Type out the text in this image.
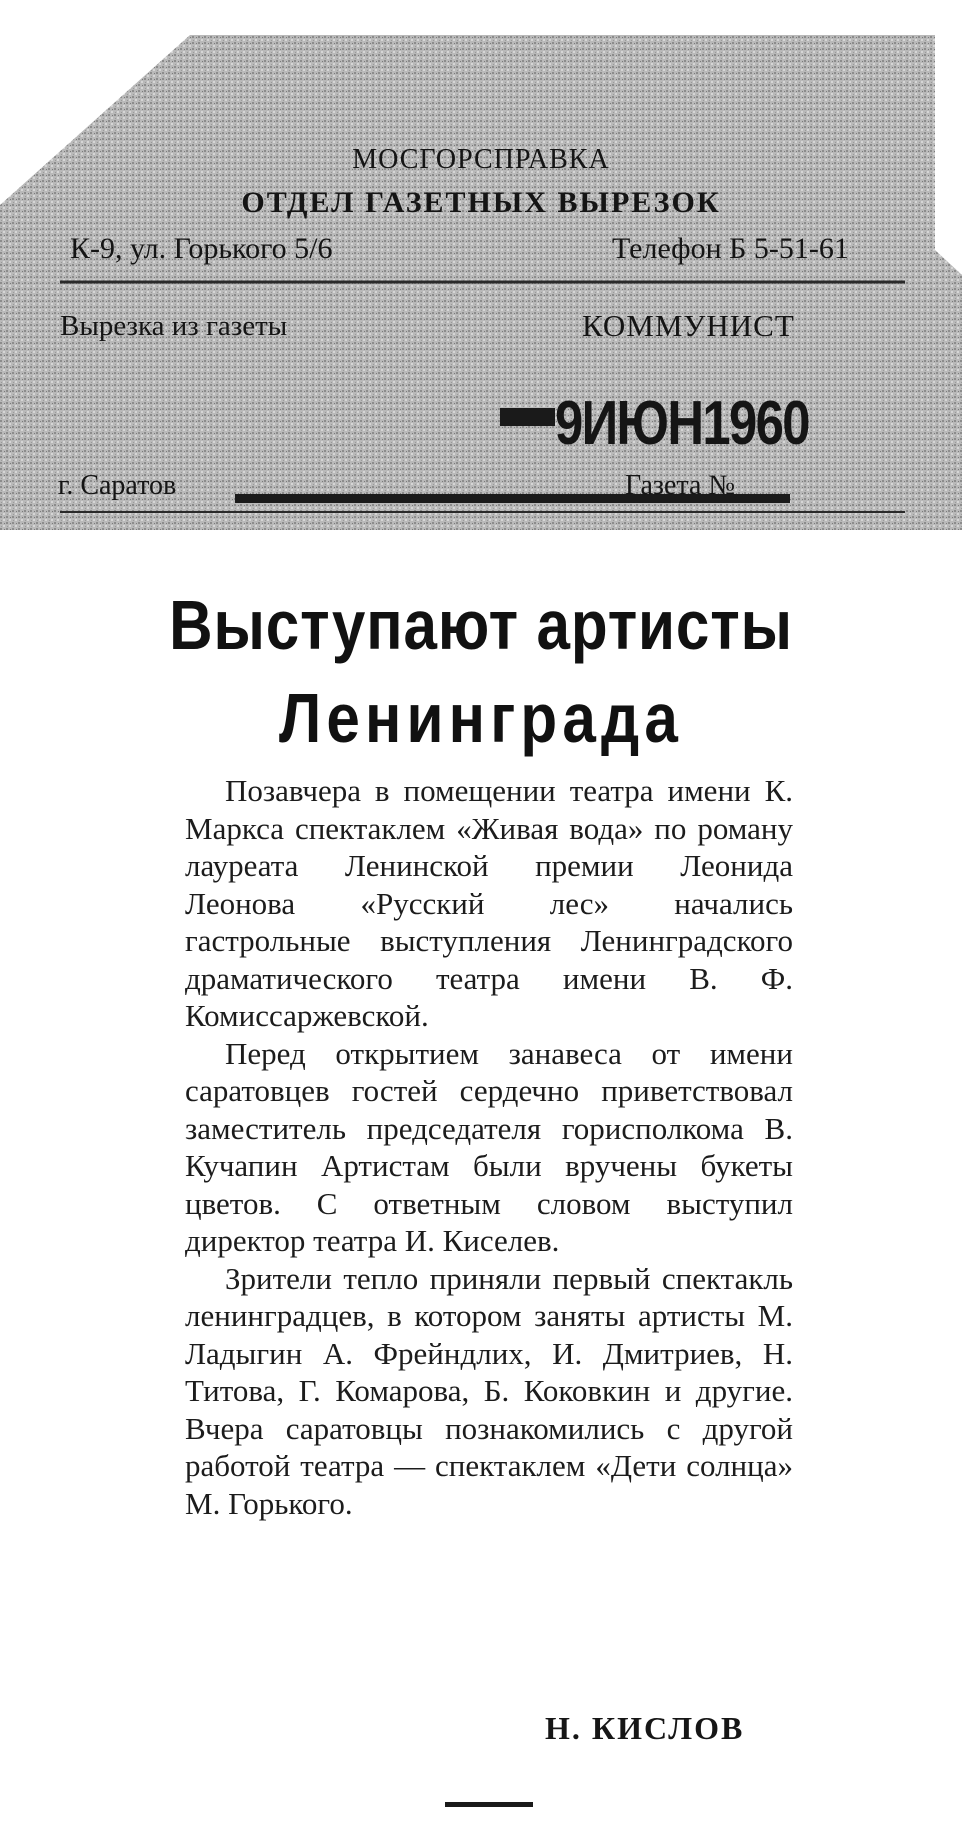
МОСГОРСПРАВКА
ОТДЕЛ ГАЗЕТНЫХ ВЫРЕЗОК
К-9, ул. Горького 5/6	Телефон Б 5-51-61
Вырезка из газеты	КОММУНИСТ
9ИЮН1960
г. Саратов	Газета №
Выступают артисты
Ленинграда

Позавчера в помещении театра имени К. Маркса спектаклем «Живая вода» по роману лауреата Ленинской премии Леонида Леонова «Русский лес» начались гастрольные выступления Ленинградского драматического театра имени В. Ф. Комиссаржевской.

Перед открытием занавеса от имени саратовцев гостей сердечно приветствовал заместитель председателя горисполкома В. Кучапин Артистам были вручены букеты цветов. С ответным словом выступил директор театра И. Киселев.

Зрители тепло приняли первый спектакль ленинградцев, в котором заняты артисты М. Ладыгин А. Фрейндлих, И. Дмитриев, Н. Титова, Г. Комарова, Б. Коковкин и другие. Вчера саратовцы познакомились с другой работой театра — спектаклем «Дети солнца» М. Горького.

Н. КИСЛОВ
